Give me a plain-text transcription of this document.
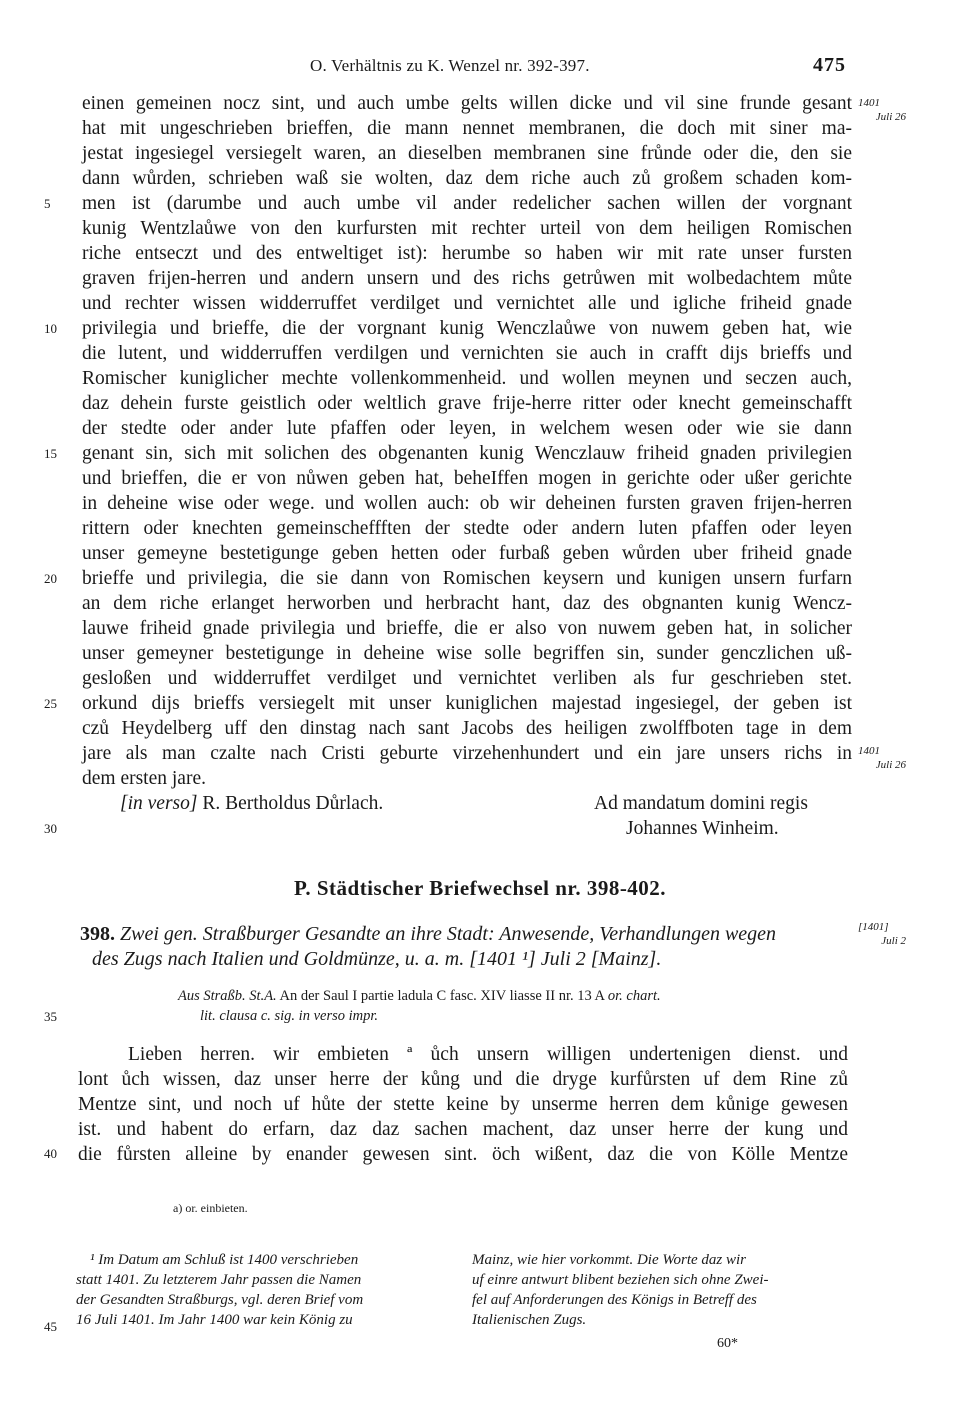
O. Verhältnis zu K. Wenzel nr. 392-397.	475
1401
Juli 26
1401
Juli 26
[1401]
Juli 2
einen gemeinen nocz sint, und auch umbe gelts willen dicke und vil sine frunde gesant
hat mit ungeschrieben brieffen, die mann nennet membranen, die doch mit siner ma-
jestat ingesiegel versiegelt waren, an dieselben membranen sine frůnde oder die, den sie
dann wůrden, schrieben waß sie wolten, daz dem riche auch zů großem schaden kom-
men ist (darumbe und auch umbe vil ander redelicher sachen willen der vorgnant
kunig Wentzlaůwe von den kurfursten mit rechter urteil von dem heiligen Romischen
riche entseczt und des entweltiget ist): herumbe so haben wir mit rate unser fursten
graven frijen-herren und andern unsern und des richs getrůwen mit wolbedachtem můte
und rechter wissen widderruffet verdilget und vernichtet alle und igliche friheid gnade
privilegia und brieffe, die der vorgnant kunig Wenczlaůwe von nuwem geben hat, wie
die lutent, und widderruffen verdilgen und vernichten sie auch in crafft dijs brieffs und
Romischer kuniglicher mechte vollenkommenheid. und wollen meynen und seczen auch,
daz dehein furste geistlich oder weltlich grave frije-herre ritter oder knecht gemeinschafft
der stedte oder ander lute pfaffen oder leyen, in welchem wesen oder wie sie dann
genant sin, sich mit solichen des obgenanten kunig Wenczlauw friheid gnaden privilegien
und brieffen, die er von nůwen geben hat, beheIffen mogen in gerichte oder ußer gerichte
in deheine wise oder wege. und wollen auch: ob wir deheinen fursten graven frijen-herren
rittern oder knechten gemeinscheffften der stedte oder andern luten pfaffen oder leyen
unser gemeyne bestetigunge geben hetten oder furbaß geben wůrden uber friheid gnade
brieffe und privilegia, die sie dann von Romischen keysern und kunigen unsern furfarn
an dem riche erlanget herworben und herbracht hant, daz des obgnanten kunig Wencz-
lauwe friheid gnade privilegia und brieffe, die er also von nuwem geben hat, in solicher
unser gemeyner bestetigunge in deheine wise solle begriffen sin, sunder genczlichen uß-
gesloßen und widderruffet verdilget und vernichtet verliben als fur geschrieben stet.
orkund dijs brieffs versiegelt mit unser kuniglichen majestad ingesiegel, der geben ist
czů Heydelberg uff den dinstag nach sant Jacobs des heiligen zwolffboten tage in dem
jare als man czalte nach Cristi geburte virzehenhundert und ein jare unsers richs in
dem ersten jare.
5
10
15
20
25
30
35
40
45
[in verso] R. Bertholdus Důrlach.	Ad mandatum domini regis
Johannes Winheim.
P. Städtischer Briefwechsel nr. 398-402.
398. Zwei gen. Straßburger Gesandte an ihre Stadt: Anwesende, Verhandlungen wegen
des Zugs nach Italien und Goldmünze, u. a. m. [1401 ¹] Juli 2 [Mainz].
Aus Straßb. St.A. An der Saul I partie ladula C fasc. XIV liasse II nr. 13 A or. chart.
lit. clausa c. sig. in verso impr.
Lieben herren. wir embieten ª ůch unsern willigen undertenigen dienst. und
lont ůch wissen, daz unser herre der kůng und die dryge kurfůrsten uf dem Rine zů
Mentze sint, und noch uf hůte der stette keine by unserme herren dem kůnige gewesen
ist. und habent do erfarn, daz daz sachen machent, daz unser herre der kung und
die fůrsten alleine by enander gewesen sint. öch wißent, daz die von Kölle Mentze
a) or. einbieten.
¹ Im Datum am Schluß ist 1400 verschrieben
statt 1401. Zu letzterem Jahr passen die Namen
der Gesandten Straßburgs, vgl. deren Brief vom
16 Juli 1401. Im Jahr 1400 war kein König zu
Mainz, wie hier vorkommt. Die Worte daz wir
uf einre antwurt blibent beziehen sich ohne Zwei-
fel auf Anforderungen des Königs in Betreff des
Italienischen Zugs.
60*
